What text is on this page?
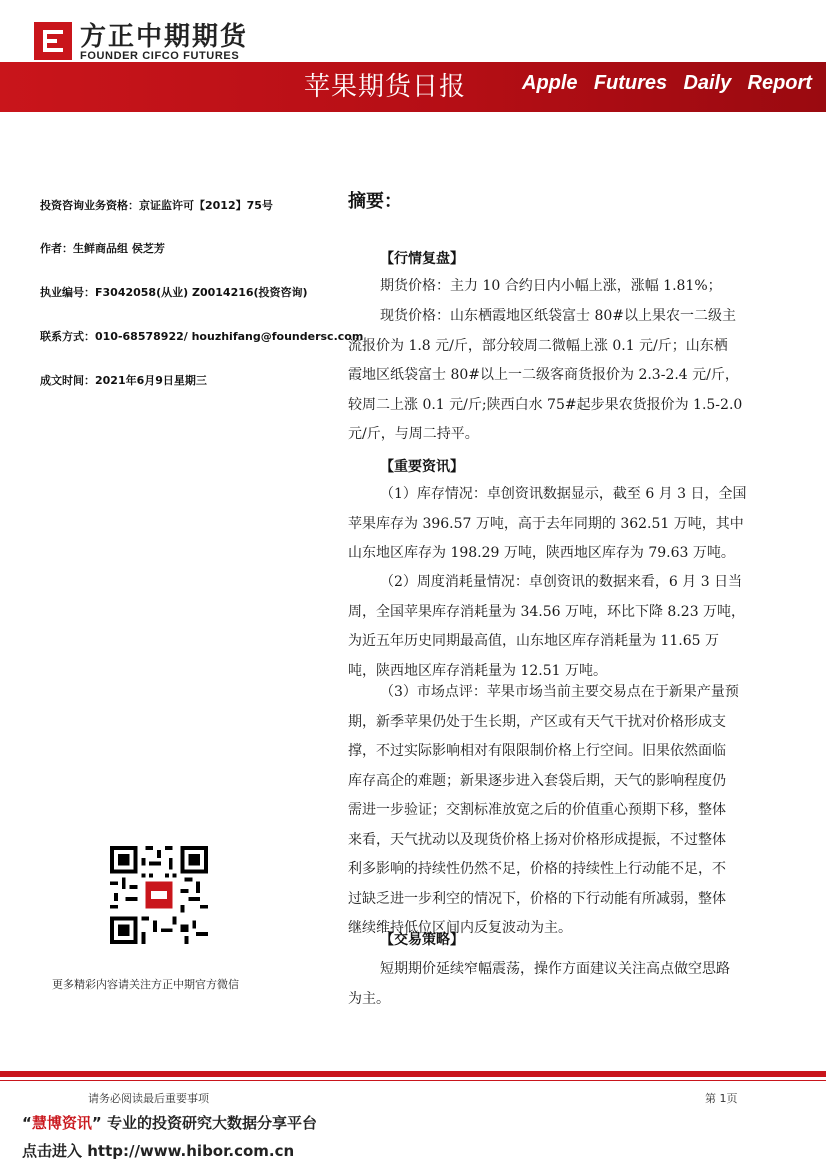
方正中期期货
FOUNDER CIFCO FUTURES
苹果期货日报	Apple Futures Daily Report
投资咨询业务资格：京证监许可【2012】75号
作者：生鲜商品组 侯芝芳
执业编号：F3042058(从业) Z0014216(投资咨询)
联系方式：010-68578922/ houzhifang@foundersc.com
成文时间：2021年6月9日星期三
更多精彩内容请关注方正中期官方微信
摘要：
【行情复盘】
期货价格：主力 10 合约日内小幅上涨，涨幅 1.81%；
现货价格：山东栖霞地区纸袋富士 80#以上果农一二级主
流报价为 1.8 元/斤，部分较周二微幅上涨 0.1 元/斤；山东栖
霞地区纸袋富士 80#以上一二级客商货报价为 2.3-2.4 元/斤，
较周二上涨 0.1 元/斤;陕西白水 75#起步果农货报价为 1.5-2.0
元/斤，与周二持平。
【重要资讯】
（1）库存情况：卓创资讯数据显示，截至 6 月 3 日，全国
苹果库存为 396.57 万吨，高于去年同期的 362.51 万吨，其中
山东地区库存为 198.29 万吨，陕西地区库存为 79.63 万吨。
（2）周度消耗量情况：卓创资讯的数据来看，6 月 3 日当
周，全国苹果库存消耗量为 34.56 万吨，环比下降 8.23 万吨，
为近五年历史同期最高值，山东地区库存消耗量为 11.65 万
吨，陕西地区库存消耗量为 12.51 万吨。
（3）市场点评：苹果市场当前主要交易点在于新果产量预
期，新季苹果仍处于生长期，产区或有天气干扰对价格形成支
撑，不过实际影响相对有限限制价格上行空间。旧果依然面临
库存高企的难题；新果逐步进入套袋后期，天气的影响程度仍
需进一步验证；交割标准放宽之后的价值重心预期下移，整体
来看，天气扰动以及现货价格上扬对价格形成提振，不过整体
利多影响的持续性仍然不足，价格的持续性上行动能不足，不
过缺乏进一步利空的情况下，价格的下行动能有所减弱，整体
继续维持低位区间内反复波动为主。
【交易策略】
短期期价延续窄幅震荡，操作方面建议关注高点做空思路
为主。
请务必阅读最后重要事项	第 1页
“慧博资讯” 专业的投资研究大数据分享平台
点击进入 http://www.hibor.com.cn
